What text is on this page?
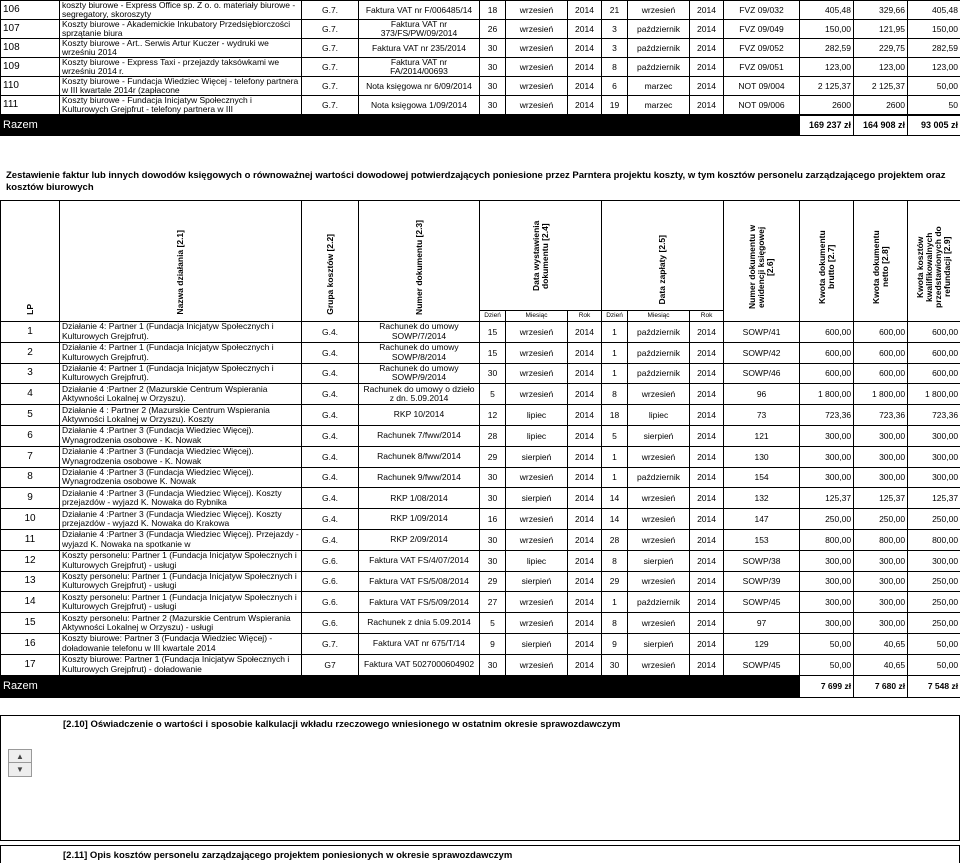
106	koszty biurowe - Express Office sp. Z o. o. materiały biurowe - segregatory, skoroszyty	G.7.	Faktura VAT nr F/006485/14	18	wrzesień	2014	21	wrzesień	2014	FVZ 09/032	405,48	329,66	405,48
107	Koszty biurowe - Akademickie Inkubatory Przedsiębiorczości sprzątanie biura	G.7.	Faktura VAT nr 373/FS/PW/09/2014	26	wrzesień	2014	3	październik	2014	FVZ 09/049	150,00	121,95	150,00
108	Koszty biurowe - Art.. Serwis Artur Kuczer - wydruki we wrześniu 2014	G.7.	Faktura VAT nr 235/2014	30	wrzesień	2014	3	październik	2014	FVZ 09/052	282,59	229,75	282,59
109	Koszty biurowe - Express Taxi - przejazdy taksówkami we wrześniu 2014 r.	G.7.	Faktura VAT nr FA/2014/00693	30	wrzesień	2014	8	październik	2014	FVZ 09/051	123,00	123,00	123,00
110	Koszty biurowe - Fundacja Wiedziec Więcej - telefony partnera w III kwartale 2014r (zapłacone	G.7.	Nota księgowa nr 6/09/2014	30	wrzesień	2014	6	marzec	2014	NOT 09/004	2 125,37	2 125,37	50,00
111	Koszty biurowe - Fundacja Inicjatyw Społecznych i Kulturowych Grejpfrut - telefony partnera w III	G.7.	Nota księgowa 1/09/2014	30	wrzesień	2014	19	marzec	2014	NOT 09/006	2600	2600	50
Razem											169 237 zł	164 908 zł	93 005 zł
Zestawienie faktur lub innych dowodów księgowych o równoważnej wartości dowodowej potwierdzających poniesione przez Parntera projektu koszty, w tym kosztów personelu zarządzającego projektem oraz kosztów biurowych
LP	Nazwa działania [2.1]	Grupa kosztów [2.2]	Numer dokumentu [2.3]	Data wystawienia dokumentu [2.4]			Data zapłaty [2.5]			Numer dokumentu w ewidencji księgowej [2.6]	Kwota dokumentu brutto [2.7]	Kwota dokumentu netto [2.8]	Kwota kosztów kwalifikowalnych przedstawionych do refundacji [2.9]
				Dzień	Miesiąc	Rok	Dzień	Miesiąc	Rok				
1	Działanie 4: Partner 1 (Fundacja Inicjatyw Społecznych i Kulturowych Grejpfrut).	G.4.	Rachunek do umowy SOWP/7/2014	15	wrzesień	2014	1	październik	2014	SOWP/41	600,00	600,00	600,00
2	Działanie 4: Partner 1 (Fundacja Inicjatyw Społecznych i Kulturowych Grejpfrut).	G.4.	Rachunek do umowy SOWP/8/2014	15	wrzesień	2014	1	październik	2014	SOWP/42	600,00	600,00	600,00
3	Działanie 4: Partner 1 (Fundacja Inicjatyw Społecznych i Kulturowych Grejpfrut).	G.4.	Rachunek do umowy SOWP/9/2014	30	wrzesień	2014	1	październik	2014	SOWP/46	600,00	600,00	600,00
4	Działanie 4 :Partner 2 (Mazurskie Centrum Wspierania Aktywności Lokalnej w Orzyszu).	G.4.	Rachunek do umowy o dzieło z dn. 5.09.2014	5	wrzesień	2014	8	wrzesień	2014	96	1 800,00	1 800,00	1 800,00
5	Działanie 4 : Partner 2 (Mazurskie Centrum Wspierania Aktywności Lokalnej w Orzyszu). Koszty	G.4.	RKP 10/2014	12	lipiec	2014	18	lipiec	2014	73	723,36	723,36	723,36
6	Działanie 4 :Partner 3 (Fundacja Wiedziec Więcej). Wynagrodzenia osobowe - K. Nowak	G.4.	Rachunek 7/fww/2014	28	lipiec	2014	5	sierpień	2014	121	300,00	300,00	300,00
7	Działanie 4 :Partner 3 (Fundacja Wiedziec Więcej). Wynagrodzenia osobowe - K. Nowak	G.4.	Rachunek 8/fww/2014	29	sierpień	2014	1	wrzesień	2014	130	300,00	300,00	300,00
8	Działanie 4 :Partner 3 (Fundacja Wiedziec Więcej). Wynagrodzenia osobowe K. Nowak	G.4.	Rachunek 9/fww/2014	30	wrzesień	2014	1	październik	2014	154	300,00	300,00	300,00
9	Działanie 4 :Partner 3 (Fundacja Wiedziec Więcej). Koszty przejazdów - wyjazd K. Nowaka do Rybnika	G.4.	RKP 1/08/2014	30	sierpień	2014	14	wrzesień	2014	132	125,37	125,37	125,37
10	Działanie 4 :Partner 3 (Fundacja Wiedziec Więcej). Koszty przejazdów - wyjazd K. Nowaka do Krakowa	G.4.	RKP 1/09/2014	16	wrzesień	2014	14	wrzesień	2014	147	250,00	250,00	250,00
11	Działanie 4 :Partner 3 (Fundacja Wiedziec Więcej). Przejazdy - wyjazd K. Nowaka na spotkanie w	G.4.	RKP 2/09/2014	30	wrzesień	2014	28	wrzesień	2014	153	800,00	800,00	800,00
12	Koszty personelu: Partner 1 (Fundacja Inicjatyw Społecznych i Kulturowych Grejpfrut) - usługi	G.6.	Faktura VAT FS/4/07/2014	30	lipiec	2014	8	sierpień	2014	SOWP/38	300,00	300,00	300,00
13	Koszty personelu: Partner 1 (Fundacja Inicjatyw Społecznych i Kulturowych Grejpfrut) - usługi	G.6.	Faktura VAT FS/5/08/2014	29	sierpień	2014	29	wrzesień	2014	SOWP/39	300,00	300,00	250,00
14	Koszty personelu: Partner 1 (Fundacja Inicjatyw Społecznych i Kulturowych Grejpfrut) - usługi	G.6.	Faktura VAT FS/5/09/2014	27	wrzesień	2014	1	październik	2014	SOWP/45	300,00	300,00	250,00
15	Koszty personelu: Partner 2 (Mazurskie Centrum Wspierania Aktywności Lokalnej w Orzyszu) - usługi	G.6.	Rachunek z dnia 5.09.2014	5	wrzesień	2014	8	wrzesień	2014	97	300,00	300,00	250,00
16	Koszty biurowe: Partner 3 (Fundacja Wiedziec Więcej) - doładowanie telefonu w III kwartale 2014	G.7.	Faktura VAT nr 675/T/14	9	sierpień	2014	9	sierpień	2014	129	50,00	40,65	50,00
17	Koszty biurowe: Partner 1 (Fundacja Inicjatyw Społecznych i Kulturowych Grejpfrut) - doładowanie	G7	Faktura VAT 5027000604902	30	wrzesień	2014	30	wrzesień	2014	SOWP/45	50,00	40,65	50,00
Razem											7 699 zł	7 680 zł	7 548 zł
[2.10] Oświadczenie o wartości i sposobie kalkulacji wkładu rzeczowego wniesionego w ostatnim okresie sprawozdawczym
▲
▼
[2.11] Opis kosztów personelu zarządzającego projektem poniesionych w okresie sprawozdawczym
